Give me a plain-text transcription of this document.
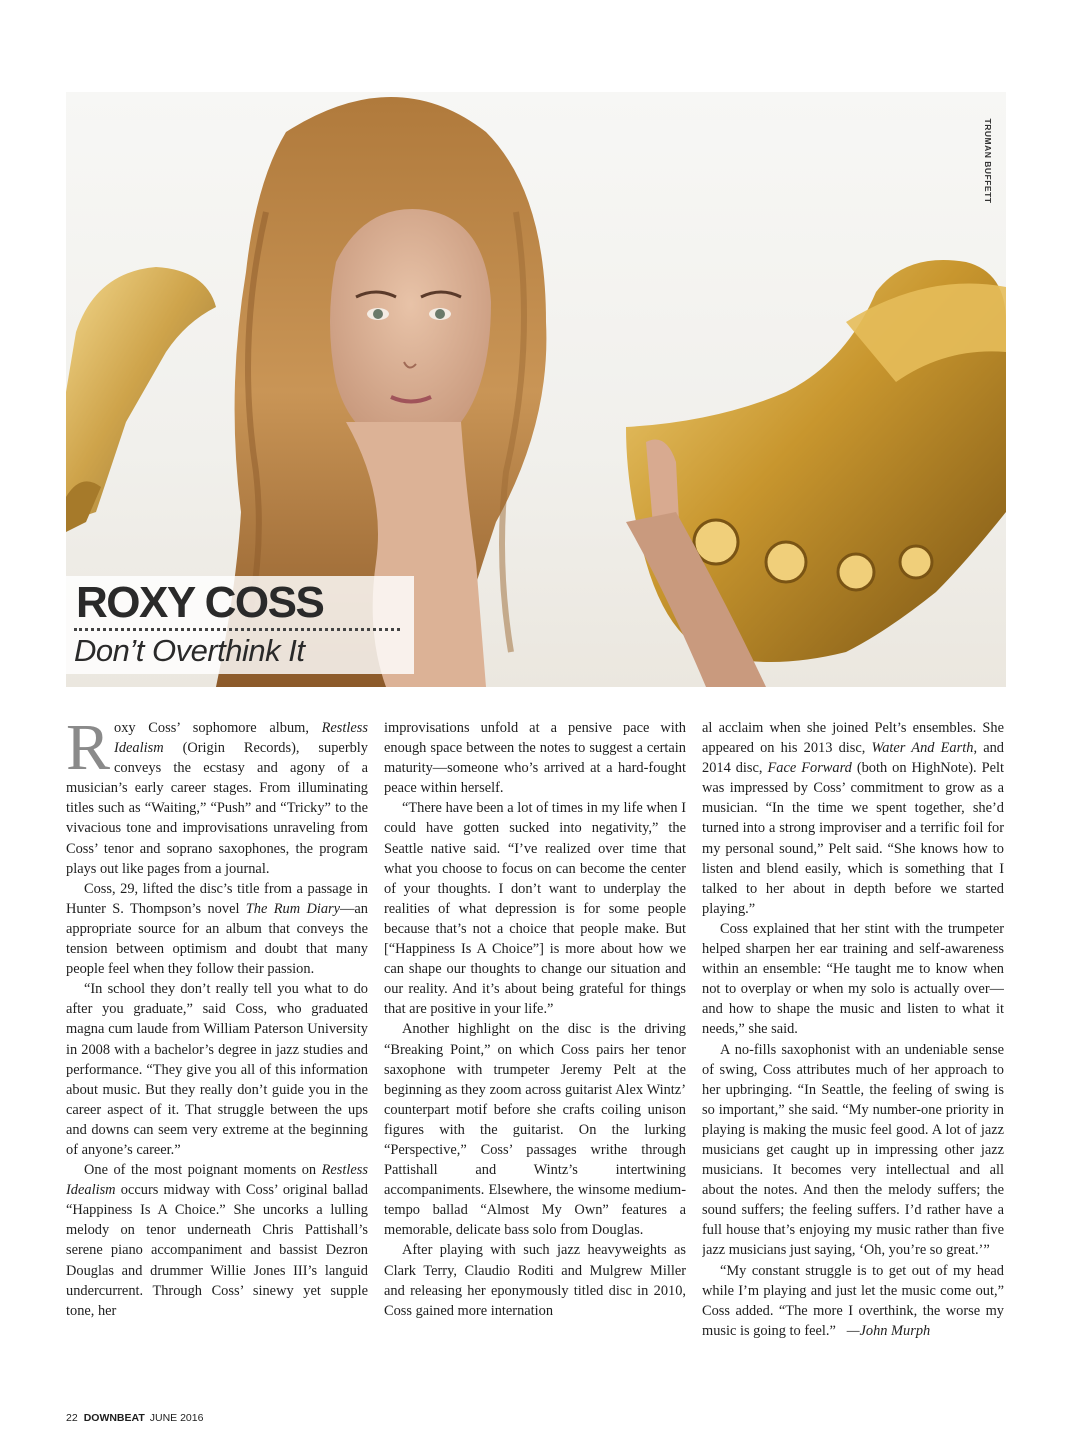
TRUMAN BUFFETT
ROXY COSS
Don’t Overthink It

Roxy Coss’ sophomore album, Restless Idealism (Origin Records), superbly conveys the ecstasy and agony of a musician’s early career stages. From illuminating titles such as “Waiting,” “Push” and “Tricky” to the vivacious tone and improvisations unraveling from Coss’ tenor and soprano saxophones, the program plays out like pages from a journal.

Coss, 29, lifted the disc’s title from a passage in Hunter S. Thompson’s novel The Rum Diary—an appropriate source for an album that conveys the tension between optimism and doubt that many people feel when they follow their passion.

“In school they don’t really tell you what to do after you graduate,” said Coss, who graduated magna cum laude from William Paterson University in 2008 with a bachelor’s degree in jazz studies and performance. “They give you all of this information about music. But they really don’t guide you in the career aspect of it. That struggle between the ups and downs can seem very extreme at the beginning of anyone’s career.”

One of the most poignant moments on Restless Idealism occurs midway with Coss’ original ballad “Happiness Is A Choice.” She uncorks a lulling melody on tenor underneath Chris Pattishall’s serene piano accompaniment and bassist Dezron Douglas and drummer Willie Jones III’s languid undercurrent. Through Coss’ sinewy yet supple tone, her

improvisations unfold at a pensive pace with enough space between the notes to suggest a certain maturity—someone who’s arrived at a hard-fought peace within herself.

“There have been a lot of times in my life when I could have gotten sucked into negativity,” the Seattle native said. “I’ve realized over time that what you choose to focus on can become the center of your thoughts. I don’t want to underplay the realities of what depression is for some people because that’s not a choice that people make. But [“Happiness Is A Choice”] is more about how we can shape our thoughts to change our situation and our reality. And it’s about being grateful for things that are positive in your life.”

Another highlight on the disc is the driving “Breaking Point,” on which Coss pairs her tenor saxophone with trumpeter Jeremy Pelt at the beginning as they zoom across guitarist Alex Wintz’ counterpart motif before she crafts coiling unison figures with the guitarist. On the lurking “Perspective,” Coss’ passages writhe through Pattishall and Wintz’s intertwining accompaniments. Elsewhere, the winsome medium-tempo ballad “Almost My Own” features a memorable, delicate bass solo from Douglas.

After playing with such jazz heavyweights as Clark Terry, Claudio Roditi and Mulgrew Miller and releasing her eponymously titled disc in 2010, Coss gained more internation

al acclaim when she joined Pelt’s ensembles. She appeared on his 2013 disc, Water And Earth, and 2014 disc, Face Forward (both on HighNote). Pelt was impressed by Coss’ commitment to grow as a musician. “In the time we spent together, she’d turned into a strong improviser and a terrific foil for my personal sound,” Pelt said. “She knows how to listen and blend easily, which is something that I talked to her about in depth before we started playing.”

Coss explained that her stint with the trumpeter helped sharpen her ear training and self-awareness within an ensemble: “He taught me to know when not to overplay or when my solo is actually over—and how to shape the music and listen to what it needs,” she said.

A no-fills saxophonist with an undeniable sense of swing, Coss attributes much of her approach to her upbringing. “In Seattle, the feeling of swing is so important,” she said. “My number-one priority in playing is making the music feel good. A lot of jazz musicians get caught up in impressing other jazz musicians. It becomes very intellectual and all about the notes. And then the melody suffers; the sound suffers; the feeling suffers. I’d rather have a full house that’s enjoying my music rather than five jazz musicians just saying, ‘Oh, you’re so great.’”

“My constant struggle is to get out of my head while I’m playing and just let the music come out,” Coss added. “The more I overthink, the worse my music is going to feel.”   —John Murph

22 DOWNBEAT JUNE 2016
